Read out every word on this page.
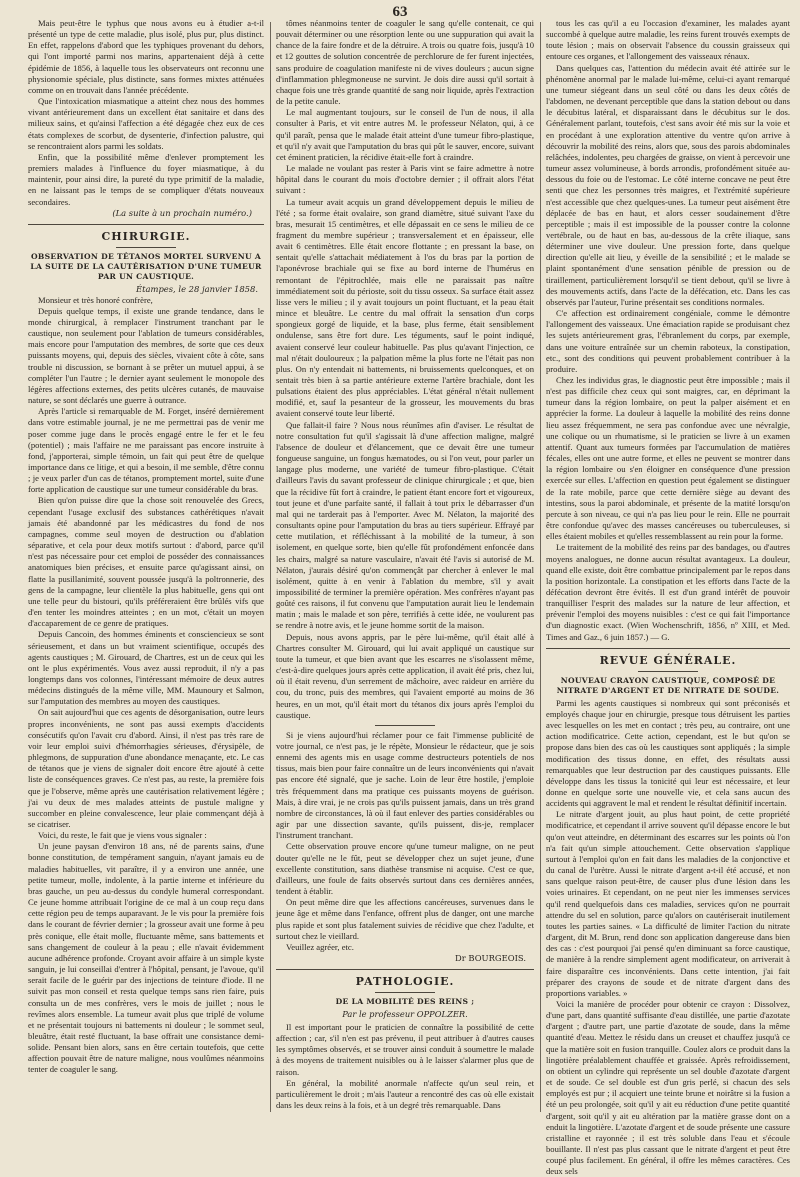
63

Mais peut-être le typhus que nous avons eu à étudier a-t-il présenté un type de cette maladie, plus isolé, plus pur, plus distinct. En effet, rappelons d'abord que les typhiques provenant du dehors, qui l'ont importé parmi nos marins, appartenaient déjà à cette épidémie de 1856, à laquelle tous les observateurs ont reconnu une physionomie spéciale, plus distincte, sans formes mixtes atténuées comme on en trouvait dans l'année précédente.

Que l'intoxication miasmatique a atteint chez nous des hommes vivant antérieurement dans un excellent état sanitaire et dans des milieux sains, et qu'ainsi l'affection a été dégagée chez eux de ces états complexes de scorbut, de dysenterie, d'infection palustre, qui se rencontraient alors parmi les soldats.

Enfin, que la possibilité même d'enlever promptement les premiers malades à l'influence du foyer miasmatique, à du maintenir, pour ainsi dire, la pureté du type primitif de la maladie, en ne laissant pas le temps de se compliquer d'états nouveaux secondaires.

(La suite à un prochain numéro.)
CHIRURGIE.
OBSERVATION DE TÉTANOS MORTEL SURVENU A LA SUITE DE LA CAUTÉRISATION D'UNE TUMEUR PAR UN CAUSTIQUE.
Étampes, le 28 janvier 1858.

Monsieur et très honoré confrère,

Depuis quelque temps, il existe une grande tendance, dans le monde chirurgical, à remplacer l'instrument tranchant par le caustique, non seulement pour l'ablation de tumeurs considérables, mais encore pour l'amputation des membres, de sorte que ces deux puissants moyens, qui, depuis des siècles, vivaient côte à côte, sans trouble ni discussion, se bornant à se prêter un mutuel appui, à se compléter l'un l'autre ; le dernier ayant seulement le monopole des légères affections externes, des petits ulcères cutanés, de mauvaise nature, se sont déclarés une guerre à outrance.

Après l'article si remarquable de M. Forget, inséré dernièrement dans votre estimable journal, je ne me permettrai pas de venir me poser comme juge dans le procès engagé entre le fer et le feu (potentiel) ; mais l'affaire ne me paraissant pas encore instruite à fond, j'apporterai, simple témoin, un fait qui peut être de quelque importance dans ce litige, et qui a besoin, il me semble, d'être connu ; je veux parler d'un cas de tétanos, promptement mortel, suite d'une forte application de caustique sur une tumeur considérable du bras.

Bien qu'on puisse dire que la chose soit renouvelée des Grecs, cependant l'usage exclusif des substances cathérétiques n'avait jamais été abandonné par les médicastres du fond de nos campagnes, comme seul moyen de destruction ou d'ablation séparative, et cela pour deux motifs surtout : d'abord, parce qu'il n'est pas nécessaire pour cet emploi de posséder des connaissances anatomiques bien précises, et ensuite parce qu'agissant ainsi, on flatte la pusillanimité, souvent poussée jusqu'à la poltronnerie, des gens de la campagne, leur clientèle la plus habituelle, gens qui ont une telle peur du bistouri, qu'ils préféreraient être brûlés vifs que d'en tenter les moindres atteintes ; en un mot, c'était un moyen d'accaparement de ce genre de pratiques.

Depuis Cancoin, des hommes éminents et consciencieux se sont sérieusement, et dans un but vraiment scientifique, occupés des agents caustiques ; M. Girouard, de Chartres, est un de ceux qui les ont le plus expérimentés. Vous avez aussi reproduit, il n'y a pas longtemps dans vos colonnes, l'intéressant mémoire de deux autres médecins distingués de la même ville, MM. Maunoury et Salmon, sur l'amputation des membres au moyen des caustiques.

On sait aujourd'hui que ces agents de désorganisation, outre leurs propres inconvénients, ne sont pas aussi exempts d'accidents consécutifs qu'on l'avait cru d'abord. Ainsi, il n'est pas très rare de voir leur emploi suivi d'hémorrhagies sérieuses, d'érysipèle, de phlegmons, de suppuration d'une abondance menaçante, etc. Le cas de tétanos que je viens de signaler doit encore être ajouté à cette liste de conséquences graves. Ce n'est pas, au reste, la première fois que je l'observe, même après une cautérisation relativement légère ; j'ai vu deux de mes malades atteints de pustule maligne y succomber en pleine convalescence, leur plaie commençant déjà à se cicatriser.

Voici, du reste, le fait que je viens vous signaler :

Un jeune paysan d'environ 18 ans, né de parents sains, d'une bonne constitution, de tempérament sanguin, n'ayant jamais eu de maladies habituelles, vit paraître, il y a environ une année, une petite tumeur, molle, indolente, à la partie interne et inférieure du bras gauche, un peu au-dessus du condyle humeral correspondant. Ce jeune homme attribuait l'origine de ce mal à un coup reçu dans cette région peu de temps auparavant. Je le vis pour la première fois dans le courant de février dernier ; la grosseur avait une forme à peu près conique, elle était molle, fluctuante même, sans battements et sans changement de couleur à la peau ; elle n'avait évidemment aucune adhérence profonde. Croyant avoir affaire à un simple kyste sanguin, je lui conseillai d'entrer à l'hôpital, pensant, je l'avoue, qu'il serait facile de le guérir par des injections de teinture d'iode. Il ne suivit pas mon conseil et resta quelque temps sans rien faire, puis consulta un de mes confrères, vers le mois de juillet ; nous le revîmes alors ensemble. La tumeur avait plus que triplé de volume et ne présentait toujours ni battements ni douleur ; le sommet seul, bleuâtre, était resté fluctuant, la base offrait une consistance demi-solide. Pensant bien alors, sans en être certain toutefois, que cette affection pouvait être de nature maligne, nous voulûmes néanmoins tenter de coaguler le sang.

tômes néanmoins tenter de coaguler le sang qu'elle contenait, ce qui pouvait déterminer ou une résorption lente ou une suppuration qui avait la chance de la faire fondre et de la détruire. A trois ou quatre fois, jusqu'à 10 et 12 gouttes de solution concentrée de perchlorure de fer furent injectées, sans produire de coagulation manifeste ni de vives douleurs ; aucun signe d'inflammation phlegmoneuse ne survint. Je dois dire aussi qu'il sortait à chaque fois une très grande quantité de sang noir liquide, après l'extraction de la petite canule.

Le mal augmentant toujours, sur le conseil de l'un de nous, il alla consulter à Paris, et vit entre autres M. le professeur Nélaton, qui, à ce qu'il paraît, pensa que le malade était atteint d'une tumeur fibro-plastique, et qu'il n'y avait que l'amputation du bras qui pût le sauver, encore, suivant cet éminent praticien, la récidive était-elle fort à craindre.

Le malade ne voulant pas rester à Paris vint se faire admettre à notre hôpital dans le courant du mois d'octobre dernier ; il offrait alors l'état suivant :

La tumeur avait acquis un grand développement depuis le milieu de l'été ; sa forme était ovalaire, son grand diamètre, situé suivant l'axe du bras, mesurait 15 centimètres, et elle dépassait en ce sens le milieu de ce fragment du membre supérieur ; transversalement et en épaisseur, elle avait 6 centimètres. Elle était encore flottante ; en pressant la base, on sentait qu'elle s'attachait médiatement à l'os du bras par la portion de l'aponévrose brachiale qui se fixe au bord interne de l'humérus en remontant de l'épitrochlée, mais elle ne paraissait pas naître immédiatement soit du périoste, soit du tissu osseux. Sa surface était assez lisse vers le milieu ; il y avait toujours un point fluctuant, et la peau était mince et bleuâtre. Le centre du mal offrait la sensation d'un corps spongieux gorgé de liquide, et la base, plus ferme, était sensiblement ondulense, sans être fort dure. Les téguments, sauf le point indiqué, avaient conservé leur couleur habituelle. Pas plus qu'avant l'injection, ce mal n'était douloureux ; la palpation même la plus forte ne l'était pas non plus. On n'y entendait ni battements, ni bruissements quelconques, et on sentait très bien à sa partie antérieure externe l'artère brachiale, dont les pulsations étaient des plus appréciables. L'état général n'était nullement modifié, et, sauf la pesanteur de la grosseur, les mouvements du bras avaient conservé toute leur liberté.

Que fallait-il faire ? Nous nous réunîmes afin d'aviser. Le résultat de notre consultation fut qu'il s'agissait là d'une affection maligne, malgré l'absence de douleur et d'élancement, que ce devait être une tumeur fongueuse sanguine, un fongus hæmatodes, ou si l'on veut, pour parler un langage plus moderne, une variété de tumeur fibro-plastique. C'était d'ailleurs l'avis du savant professeur de clinique chirurgicale ; et que, bien que la récidive fût fort à craindre, le patient étant encore fort et vigoureux, tout jeune et d'une parfaite santé, il fallait à tout prix le débarrasser d'un mal qui ne tarderait pas à l'emporter. Avec M. Nélaton, la majorité des consultants opine pour l'amputation du bras au tiers supérieur. Effrayé par cette mutilation, et réfléchissant à la mobilité de la tumeur, à son isolement, en quelque sorte, bien qu'elle fût profondément enfoncée dans les chairs, malgré sa nature vasculaire, n'avait été l'avis si autorisé de M. Nélaton, j'aurais désiré qu'on commençât par chercher à enlever le mal isolément, quitte à en venir à l'ablation du membre, s'il y avait impossibilité de terminer la première opération. Mes confrères n'ayant pas goûté ces raisons, il fut convenu que l'amputation aurait lieu le lendemain matin ; mais le malade et son père, terrifiés à cette idée, ne voulurent pas se rendre à notre avis, et le jeune homme sortit de la maison.

Depuis, nous avons appris, par le père lui-même, qu'il était allé à Chartres consulter M. Girouard, qui lui avait appliqué un caustique sur toute la tumeur, et que bien avant que les escarres ne s'isolassent même, c'est-à-dire quelques jours après cette application, il avait été pris, chez lui, où il était revenu, d'un serrement de mâchoire, avec raideur en arrière du cou, du tronc, puis des membres, qui l'avaient emporté au moins de 36 heures, en un mot, qu'il était mort du tétanos dix jours après l'emploi du caustique.

Si je viens aujourd'hui réclamer pour ce fait l'immense publicité de votre journal, ce n'est pas, je le répète, Monsieur le rédacteur, que je sois ennemi des agents mis en usage comme destructeurs potentiels de nos tissus, mais bien pour faire connaître un de leurs inconvénients qui n'avait pas encore été signalé, que je sache. Loin de leur être hostile, j'emploie très fréquemment dans ma pratique ces puissants moyens de guérison. Mais, à dire vrai, je ne crois pas qu'ils puissent jamais, dans un très grand nombre de circonstances, là où il faut enlever des parties considérables ou agir par une dissection savante, qu'ils puissent, dis-je, remplacer l'instrument tranchant.

Cette observation prouve encore qu'une tumeur maligne, on ne peut douter qu'elle ne le fût, peut se développer chez un sujet jeune, d'une excellente constitution, sans diathèse transmise ni acquise. C'est ce que, d'ailleurs, une foule de faits observés surtout dans ces dernières années, tendent à établir.

On peut même dire que les affections cancéreuses, survenues dans le jeune âge et même dans l'enfance, offrent plus de danger, ont une marche plus rapide et sont plus fatalement suivies de récidive que chez l'adulte, et surtout chez le vieillard.

Veuillez agréer, etc.

Dr BOURGEOIS.
PATHOLOGIE.
DE LA MOBILITÉ DES REINS ;
Par le professeur OPPOLZER.

Il est important pour le praticien de connaître la possibilité de cette affection ; car, s'il n'en est pas prévenu, il peut attribuer à d'autres causes les symptômes observés, et se trouver ainsi conduit à soumettre le malade à des moyens de traitement nuisibles ou à le laisser s'alarmer plus que de raison.

En général, la mobilité anormale n'affecte qu'un seul rein, et particulièrement le droit ; m'ais l'auteur a rencontré des cas où elle existait dans les deux reins à la fois, et à un degré très remarquable. Dans

tous les cas qu'il a eu l'occasion d'examiner, les malades ayant succombé à quelque autre maladie, les reins furent trouvés exempts de toute lésion ; mais on observait l'absence du coussin graisseux qui entoure ces organes, et l'allongement des vaisseaux rénaux.

Dans quelques cas, l'attention du médecin avait été attirée sur le phénomène anormal par le malade lui-même, celui-ci ayant remarqué une tumeur siégeant dans un seul côté ou dans les deux côtés de l'abdomen, ne devenant perceptible que dans la station debout ou dans le décubitus latéral, et disparaissant dans le décubitus sur le dos. Généralement parlant, toutefois, c'est sans avoir été mis sur la voie et en procédant à une exploration attentive du ventre qu'on arrive à découvrir la mobilité des reins, alors que, sous des parois abdominales relâchées, indolentes, peu chargées de graisse, on vient à percevoir une tumeur assez volumineuse, à bords arrondis, profondément située au-dessous du foie ou de l'estomac. Le côté interne concave ne peut être senti que chez les personnes très maigres, et l'extrémité supérieure n'est accessible que chez quelques-unes. La tumeur peut aisément être déplacée de bas en haut, et alors cesser soudainement d'être perceptible ; mais il est impossible de la pousser contre la colonne vertébrale, ou de haut en bas, au-dessous de la crête iliaque, sans déterminer une vive douleur. Une pression forte, dans quelque direction qu'elle ait lieu, y éveille de la sensibilité ; et le malade se plaint spontanément d'une sensation pénible de pression ou de tiraillement, particulièrement lorsqu'il se tient debout, qu'il se livre à des mouvements actifs, dans l'acte de la défécation, etc. Dans les cas observés par l'auteur, l'urine présentait ses conditions normales.

C'e affection est ordinairement congéniale, comme le démontre l'allongement des vaisseaux. Une émaciation rapide se produisant chez les sujets antérieurement gras, l'ébranlement du corps, par exemple, dans une voiture entraînée sur un chemin raboteux, la constipation, etc., sont des conditions qui peuvent probablement contribuer à la produire.

Chez les individus gras, le diagnostic peut être impossible ; mais il n'est pas difficile chez ceux qui sont maigres, car, en déprimant la tumeur dans la région lombaire, on peut la palper aisément et en apprécier la forme. La douleur à laquelle la mobilité des reins donne lieu assez fréquemment, ne sera pas confondue avec une névralgie, une colique ou un rhumatisme, si le praticien se livre à un examen attentif. Quant aux tumeurs formées par l'accumulation de matières fécales, elles ont une autre forme, et elles ne peuvent se montrer dans la région lombaire ou s'en éloigner en conséquence d'une pression exercée sur elles. L'affection en question peut également se distinguer de la rate mobile, parce que cette dernière siège au devant des intestins, sous la paroi abdominale, et présente de la matité lorsqu'on percute à son niveau, ce qui n'a pas lieu pour le rein. Elle ne pourrait être confondue qu'avec des masses cancéreuses ou tuberculeuses, si elles étaient mobiles et qu'elles ressemblassent au rein pour la forme.

Le traitement de la mobilité des reins par des bandages, ou d'autres moyens analogues, ne donne aucun résultat avantageux. La douleur, quand elle existe, doit être combattue principalement par le repos dans la position horizontale. La constipation et les efforts dans l'acte de la défécation devront être évités. Il est d'un grand intérêt de pouvoir tranquilliser l'esprit des malades sur la nature de leur affection, et prévenir l'emploi des moyens nuisibles : c'est ce qui fait l'importance d'un diagnostic exact. (Wien Wochenschrift, 1856, nº XIII, et Med. Times and Gaz., 6 juin 1857.) — G.

REVUE GÉNÉRALE.
NOUVEAU CRAYON CAUSTIQUE, COMPOSÉ DE NITRATE D'ARGENT ET DE NITRATE DE SOUDE.

Parmi les agents caustiques si nombreux qui sont préconisés et employés chaque jour en chirurgie, presque tous détruisent les parties avec lesquelles on les met en contact ; très peu, au contraire, ont une action modificatrice. Cette action, cependant, est le but qu'on se propose dans bien des cas où les caustiques sont appliqués ; la simple modification des tissus donne, en effet, des résultats aussi remarquables que leur destruction par des caustiques puissants. Elle développe dans les tissus la tonicité qui leur est nécessaire, et leur donne en quelque sorte une nouvelle vie, et cela sans aucun des accidents qui aggravent le mal et rendent le résultat définitif incertain.

Le nitrate d'argent jouit, au plus haut point, de cette propriété modificatrice, et cependant il arrive souvent qu'il dépasse encore le but qu'on veut atteindre, en déterminant des escarres sur les points où l'on n'a fait qu'un simple attouchement. Cette observation s'applique surtout à l'emploi qu'on en fait dans les maladies de la conjonctive et du canal de l'urètre. Aussi le nitrate d'argent a-t-il été accusé, et non sans quelque raison peut-être, de causer plus d'une lésion dans les voies urinaires. Et cependant, on ne peut nier les immenses services qu'il rend quelquefois dans ces maladies, services qu'on ne pourrait attendre du sel en solution, parce qu'alors on cautériserait inutilement toutes les parties saines. « La difficulté de limiter l'action du nitrate d'argent, dit M. Brun, rend donc son application dangereuse dans bien des cas : c'est pourquoi j'ai pensé qu'en diminuant sa force caustique, de manière à la rendre simplement agent modificateur, on arriverait à faire disparaître ces inconvénients. Dans cette intention, j'ai fait préparer des crayons de soude et de nitrate d'argent dans des proportions variables. »

Voici la manière de procéder pour obtenir ce crayon : Dissolvez, d'une part, dans quantité suffisante d'eau distillée, une partie d'azotate d'argent ; d'autre part, une partie d'azotate de soude, dans la même quantité d'eau. Mettez le résidu dans un creuset et chauffez jusqu'à ce que la matière soit en fusion tranquille. Coulez alors ce produit dans la lingotière préalablement chauffée et graissée. Après refroidissement, on obtient un cylindre qui représente un sel double d'azotate d'argent et de soude. Ce sel double est d'un gris perlé, si chacun des sels employés est pur ; il acquiert une teinte brune et noirâtre si la fusion a été un peu prolongée, soit qu'il y ait eu réduction d'une petite quantité d'argent, soit qu'il y ait eu altération par la matière grasse dont on a enduit la lingotière. L'azotate d'argent et de soude présente une cassure cristalline et rayonnée ; il est très soluble dans l'eau et s'écoule bouillante. Il n'est pas plus cassant que le nitrate d'argent et peut être coupé plus facilement. En général, il offre les mêmes caractères. Ces deux sels
